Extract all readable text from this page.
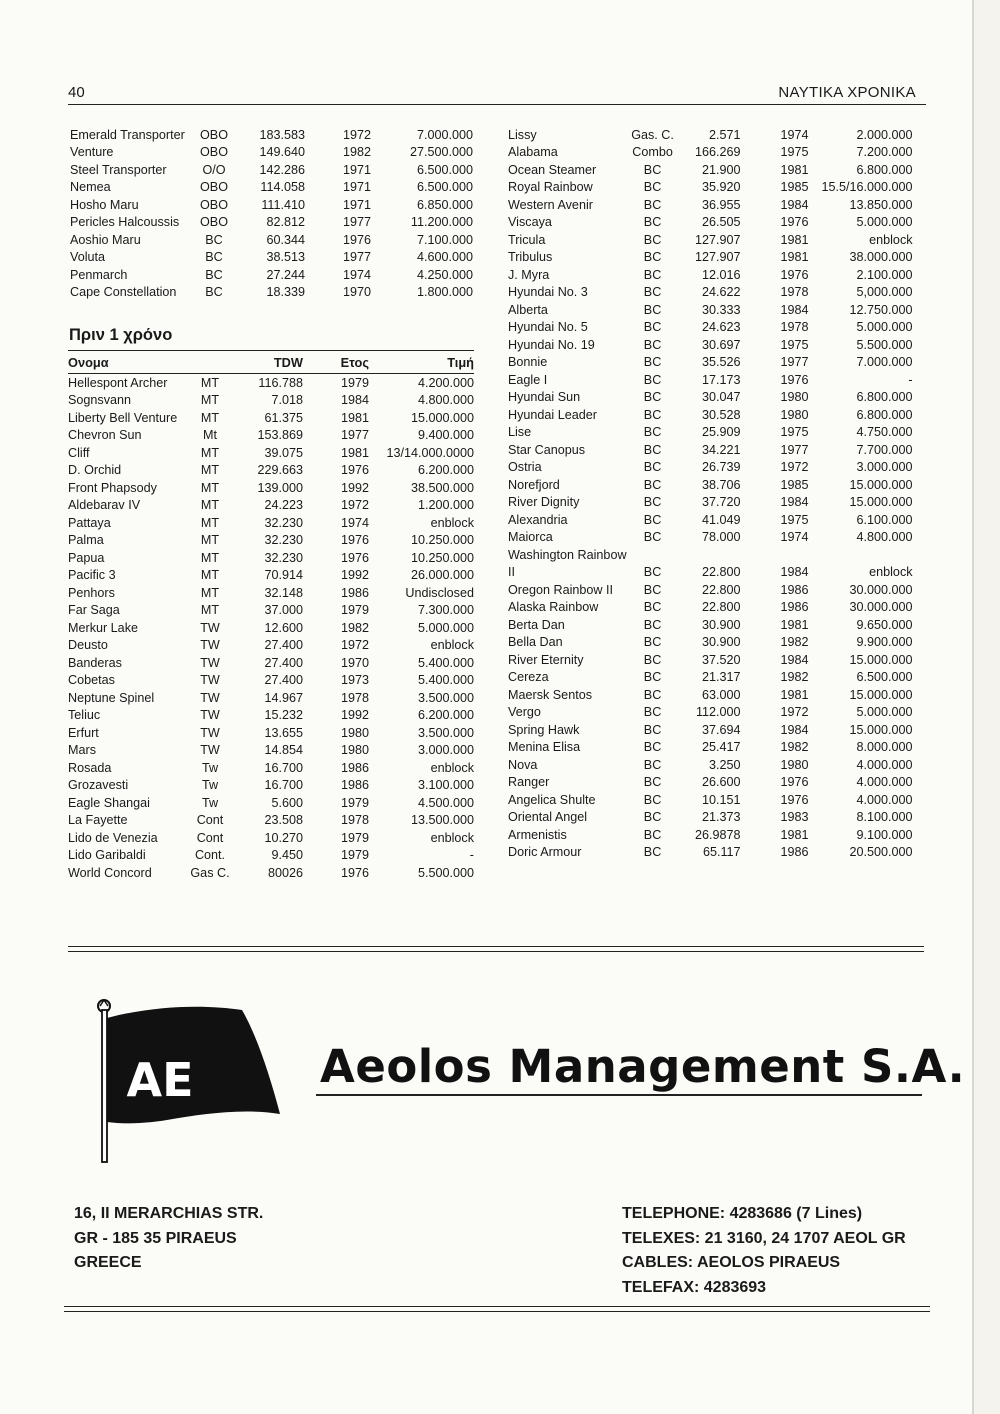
40	ΝΑΥΤΙΚΑ ΧΡΟΝΙΚΑ
Emerald Transporter	OBO	183.583	1972	7.000.000
Venture	OBO	149.640	1982	27.500.000
Steel Transporter	O/O	142.286	1971	6.500.000
Nemea	OBO	114.058	1971	6.500.000
Hosho Maru	OBO	111.410	1971	6.850.000
Pericles Halcoussis	OBO	82.812	1977	11.200.000
Aoshio Maru	BC	60.344	1976	7.100.000
Voluta	BC	38.513	1977	4.600.000
Penmarch	BC	27.244	1974	4.250.000
Cape Constellation	BC	18.339	1970	1.800.000
Πριν 1 χρόνο
Ονομα		TDW	Ετος	Τιμή
Hellespont Archer	MT	116.788	1979	4.200.000
Sognsvann	MT	7.018	1984	4.800.000
Liberty Bell Venture	MT	61.375	1981	15.000.000
Chevron Sun	Mt	153.869	1977	9.400.000
Cliff	MT	39.075	1981	13/14.000.0000
D. Orchid	MT	229.663	1976	6.200.000
Front Phapsody	MT	139.000	1992	38.500.000
Aldebarav IV	MT	24.223	1972	1.200.000
Pattaya	MT	32.230	1974	enblock
Palma	MT	32.230	1976	10.250.000
Papua	MT	32.230	1976	10.250.000
Pacific 3	MT	70.914	1992	26.000.000
Penhors	MT	32.148	1986	Undisclosed
Far Saga	MT	37.000	1979	7.300.000
Merkur Lake	TW	12.600	1982	5.000.000
Deusto	TW	27.400	1972	enblock
Banderas	TW	27.400	1970	5.400.000
Cobetas	TW	27.400	1973	5.400.000
Neptune Spinel	TW	14.967	1978	3.500.000
Teliuc	TW	15.232	1992	6.200.000
Erfurt	TW	13.655	1980	3.500.000
Mars	TW	14.854	1980	3.000.000
Rosada	Tw	16.700	1986	enblock
Grozavesti	Tw	16.700	1986	3.100.000
Eagle Shangai	Tw	5.600	1979	4.500.000
La Fayette	Cont	23.508	1978	13.500.000
Lido de Venezia	Cont	10.270	1979	enblock
Lido Garibaldi	Cont.	9.450	1979	-
World Concord	Gas C.	80026	1976	5.500.000
Lissy	Gas. C.	2.571	1974	2.000.000
Alabama	Combo	166.269	1975	7.200.000
Ocean Steamer	BC	21.900	1981	6.800.000
Royal Rainbow	BC	35.920	1985	15.5/16.000.000
Western Avenir	BC	36.955	1984	13.850.000
Viscaya	BC	26.505	1976	5.000.000
Tricula	BC	127.907	1981	enblock
Tribulus	BC	127.907	1981	38.000.000
J. Myra	BC	12.016	1976	2.100.000
Hyundai No. 3	BC	24.622	1978	5,000.000
Alberta	BC	30.333	1984	12.750.000
Hyundai No. 5	BC	24.623	1978	5.000.000
Hyundai No. 19	BC	30.697	1975	5.500.000
Bonnie	BC	35.526	1977	7.000.000
Eagle I	BC	17.173	1976	-
Hyundai Sun	BC	30.047	1980	6.800.000
Hyundai Leader	BC	30.528	1980	6.800.000
Lise	BC	25.909	1975	4.750.000
Star Canopus	BC	34.221	1977	7.700.000
Ostria	BC	26.739	1972	3.000.000
Norefjord	BC	38.706	1985	15.000.000
River Dignity	BC	37.720	1984	15.000.000
Alexandria	BC	41.049	1975	6.100.000
Maiorca	BC	78.000	1974	4.800.000
Washington Rainbow				
II	BC	22.800	1984	enblock
Oregon Rainbow II	BC	22.800	1986	30.000.000
Alaska Rainbow	BC	22.800	1986	30.000.000
Berta Dan	BC	30.900	1981	9.650.000
Bella Dan	BC	30.900	1982	9.900.000
River Eternity	BC	37.520	1984	15.000.000
Cereza	BC	21.317	1982	6.500.000
Maersk Sentos	BC	63.000	1981	15.000.000
Vergo	BC	112.000	1972	5.000.000
Spring Hawk	BC	37.694	1984	15.000.000
Menina Elisa	BC	25.417	1982	8.000.000
Nova	BC	3.250	1980	4.000.000
Ranger	BC	26.600	1976	4.000.000
Angelica Shulte	BC	10.151	1976	4.000.000
Oriental Angel	BC	21.373	1983	8.100.000
Armenistis	BC	26.9878	1981	9.100.000
Doric Armour	BC	65.117	1986	20.500.000
AE	Aeolos Management S.A.
16, II MERARCHIAS STR.
GR - 185 35 PIRAEUS
GREECE
TELEPHONE: 4283686 (7 Lines)
TELEXES: 21 3160, 24 1707 AEOL GR
CABLES: AEOLOS PIRAEUS
TELEFAX: 4283693
